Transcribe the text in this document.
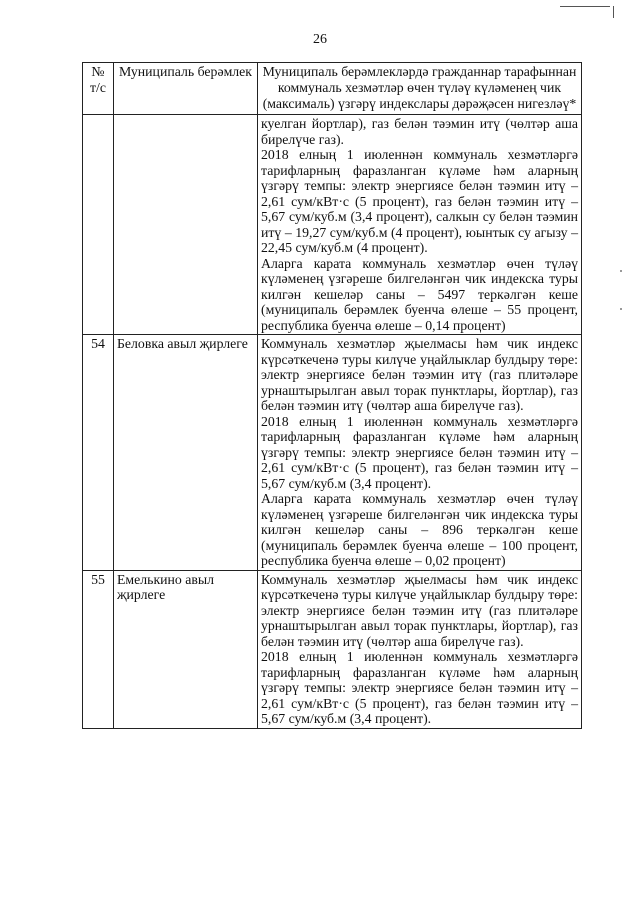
26
№ т/с	Муниципаль берәмлек	Муниципаль берәмлекләрдә гражданнар тарафыннан коммуналь хезмәтләр өчен түләү күләменең чик (максималь) үзгәрү индекслары дәрәҗәсен нигезләү*

		куелган йортлар), газ белән тәэмин итү (чөлтәр аша бирелүче газ).

2018 елның 1 июленнән коммуналь хезмәтләргә тарифларның фаразланган күләме һәм аларның үзгәрү темпы: электр энергиясе белән тәэмин итү – 2,61 сум/кВт·с (5 процент), газ белән тәэмин итү – 5,67 сум/куб.м (3,4 процент), салкын су белән тәэмин итү – 19,27 сум/куб.м (4 процент), юынтык су агызу – 22,45 сум/куб.м (4 процент).

Аларга карата коммуналь хезмәтләр өчен түләү күләменең үзгәреше билгеләнгән чик индекска туры килгән кешеләр саны – 5497 теркәлгән кеше (муниципаль берәмлек буенча өлеше – 55 процент, республика буенча өлеше – 0,14 процент)

54	Беловка авыл җирлеге	Коммуналь хезмәтләр җыелмасы һәм чик индекс күрсәткеченә туры килүче уңайлыклар булдыру төре: электр энергиясе белән тәэмин итү (газ плитәләре урнаштырылган авыл торак пунктлары, йортлар), газ белән тәэмин итү (чөлтәр аша бирелүче газ).

2018 елның 1 июленнән коммуналь хезмәтләргә тарифларның фаразланган күләме һәм аларның үзгәрү темпы: электр энергиясе белән тәэмин итү – 2,61 сум/кВт·с (5 процент), газ белән тәэмин итү – 5,67 сум/куб.м (3,4 процент).

Аларга карата коммуналь хезмәтләр өчен түләү күләменең үзгәреше билгеләнгән чик индекска туры килгән кешеләр саны – 896 теркәлгән кеше (муниципаль берәмлек буенча өлеше – 100 процент, республика буенча өлеше – 0,02 процент)

55	Емелькино авыл җирлеге	Коммуналь хезмәтләр җыелмасы һәм чик индекс күрсәткеченә туры килүче уңайлыклар булдыру төре: электр энергиясе белән тәэмин итү (газ плитәләре урнаштырылган авыл торак пунктлары, йортлар), газ белән тәэмин итү (чөлтәр аша бирелүче газ).

2018 елның 1 июленнән коммуналь хезмәтләргә тарифларның фаразланган күләме һәм аларның үзгәрү темпы: электр энергиясе белән тәэмин итү – 2,61 сум/кВт·с (5 процент), газ белән тәэмин итү – 5,67 сум/куб.м (3,4 процент).
